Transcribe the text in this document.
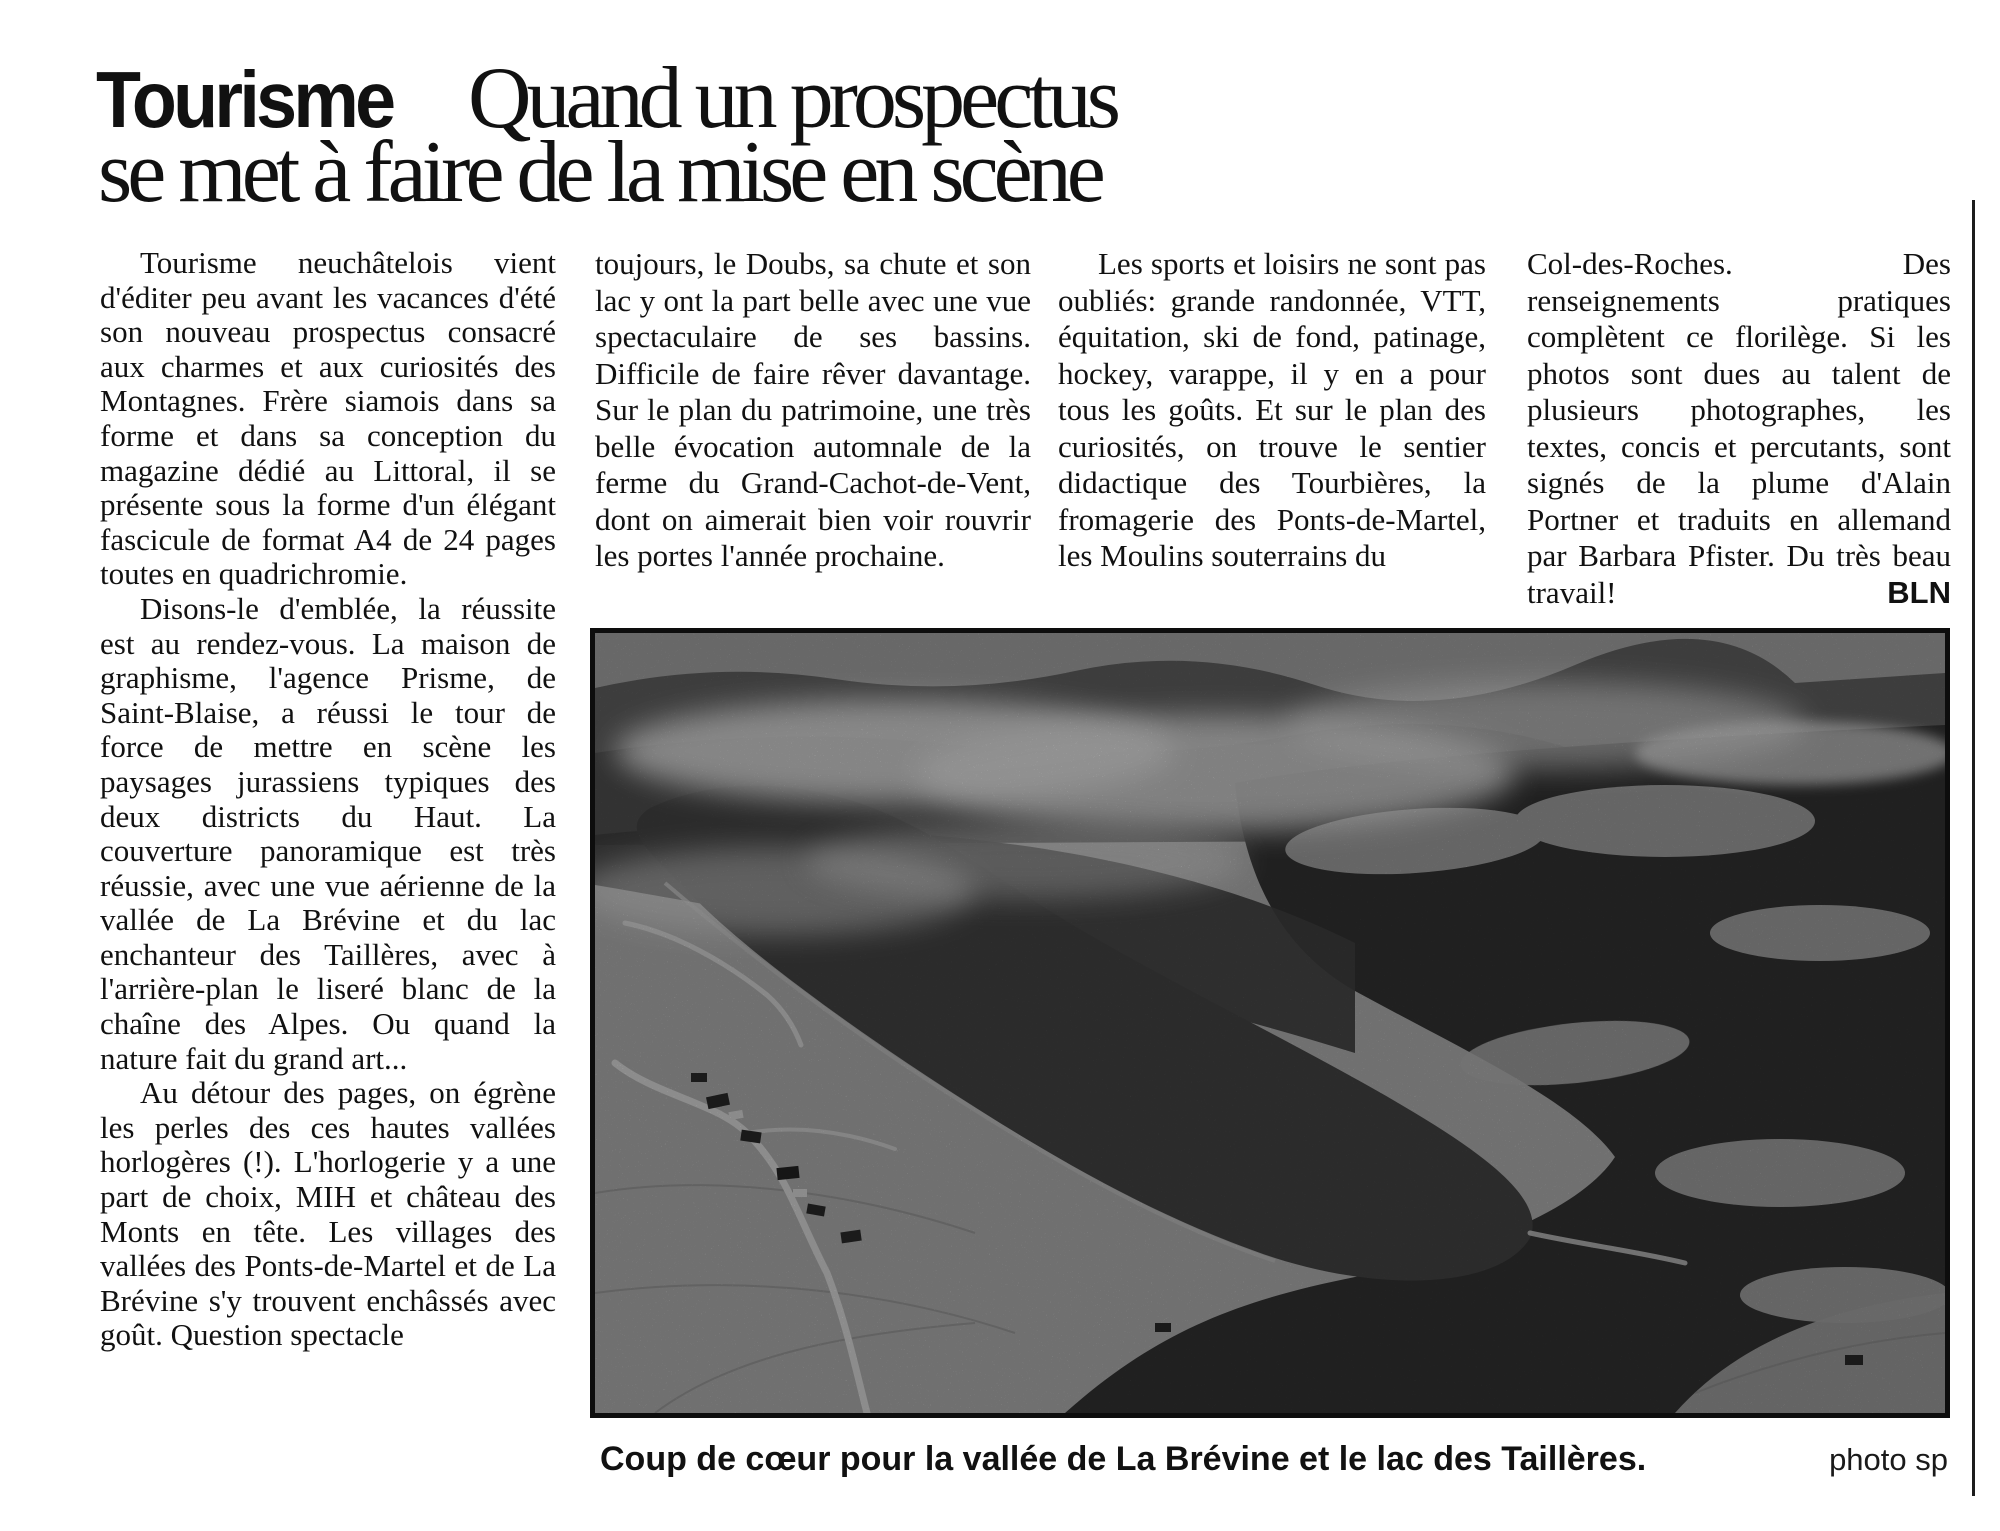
Tourisme Quand un prospectus
se met à faire de la mise en scène

Tourisme neuchâtelois vient d'éditer peu avant les vacances d'été son nouveau prospectus consacré aux charmes et aux curiosités des Montagnes. Frère siamois dans sa forme et dans sa conception du magazine dédié au Littoral, il se présente sous la forme d'un élégant fascicule de format A4 de 24 pages toutes en quadrichromie.

Disons-le d'emblée, la réussite est au rendez-vous. La maison de graphisme, l'agence Prisme, de Saint-Blaise, a réussi le tour de force de mettre en scène les paysages jurassiens typiques des deux districts du Haut. La couverture panoramique est très réussie, avec une vue aérienne de la vallée de La Brévine et du lac enchanteur des Taillères, avec à l'arrière-plan le liseré blanc de la chaîne des Alpes. Ou quand la nature fait du grand art...

Au détour des pages, on égrène les perles des ces hautes vallées horlogères (!). L'horlogerie y a une part de choix, MIH et château des Monts en tête. Les villages des vallées des Ponts-de-Martel et de La Brévine s'y trouvent enchâssés avec goût. Question spectacle

toujours, le Doubs, sa chute et son lac y ont la part belle avec une vue spectaculaire de ses bassins. Difficile de faire rêver davantage. Sur le plan du patrimoine, une très belle évocation automnale de la ferme du Grand-Cachot-de-Vent, dont on aimerait bien voir rouvrir les portes l'année prochaine.

Les sports et loisirs ne sont pas oubliés: grande randonnée, VTT, équitation, ski de fond, patinage, hockey, varappe, il y en a pour tous les goûts. Et sur le plan des curiosités, on trouve le sentier didactique des Tourbières, la fromagerie des Ponts-de-Martel, les Moulins souterrains du

Col-des-Roches. Des renseignements pratiques complètent ce florilège. Si les photos sont dues au talent de plusieurs photographes, les textes, concis et percutants, sont signés de la plume d'Alain Portner et traduits en allemand par Barbara Pfister. Du très beau travail!	BLN
Coup de cœur pour la vallée de La Brévine et le lac des Taillères.	photo sp
